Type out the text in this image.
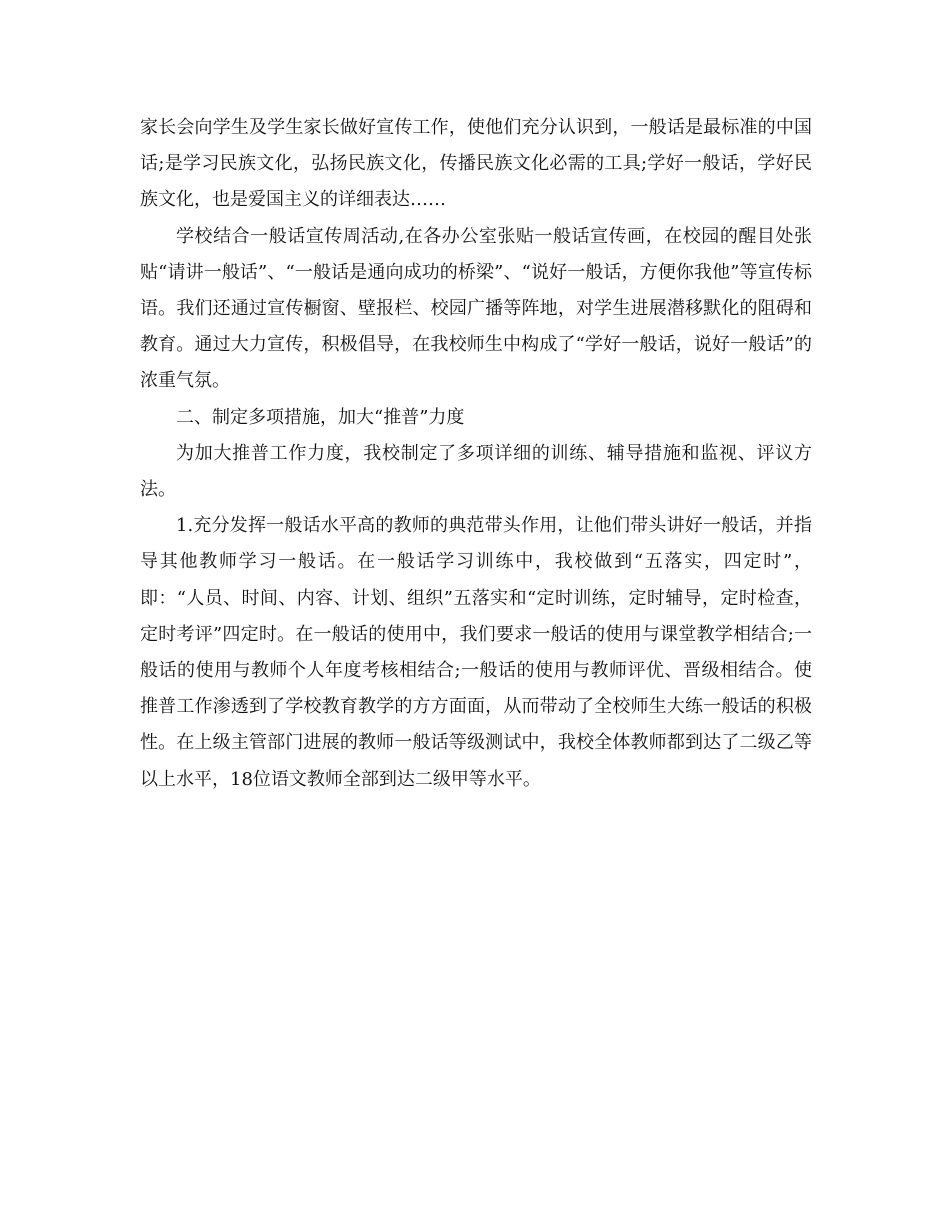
家长会向学生及学生家长做好宣传工作，使他们充分认识到，一般话是最标准的中国话;是学习民族文化，弘扬民族文化，传播民族文化必需的工具;学好一般话，学好民族文化，也是爱国主义的详细表达……

学校结合一般话宣传周活动,在各办公室张贴一般话宣传画，在校园的醒目处张贴“请讲一般话”、“一般话是通向成功的桥梁”、“说好一般话，方便你我他”等宣传标语。我们还通过宣传橱窗、壁报栏、校园广播等阵地，对学生进展潜移默化的阻碍和教育。通过大力宣传，积极倡导，在我校师生中构成了“学好一般话，说好一般话”的浓重气氛。

二、制定多项措施，加大“推普”力度

为加大推普工作力度，我校制定了多项详细的训练、辅导措施和监视、评议方法。

1.充分发挥一般话水平高的教师的典范带头作用，让他们带头讲好一般话，并指导其他教师学习一般话。在一般话学习训练中，我校做到“五落实，四定时”，即：“人员、时间、内容、计划、组织”五落实和“定时训练，定时辅导，定时检查，定时考评”四定时。在一般话的使用中，我们要求一般话的使用与课堂教学相结合;一般话的使用与教师个人年度考核相结合;一般话的使用与教师评优、晋级相结合。使推普工作渗透到了学校教育教学的方方面面，从而带动了全校师生大练一般话的积极性。在上级主管部门进展的教师一般话等级测试中，我校全体教师都到达了二级乙等以上水平，18位语文教师全部到达二级甲等水平。
